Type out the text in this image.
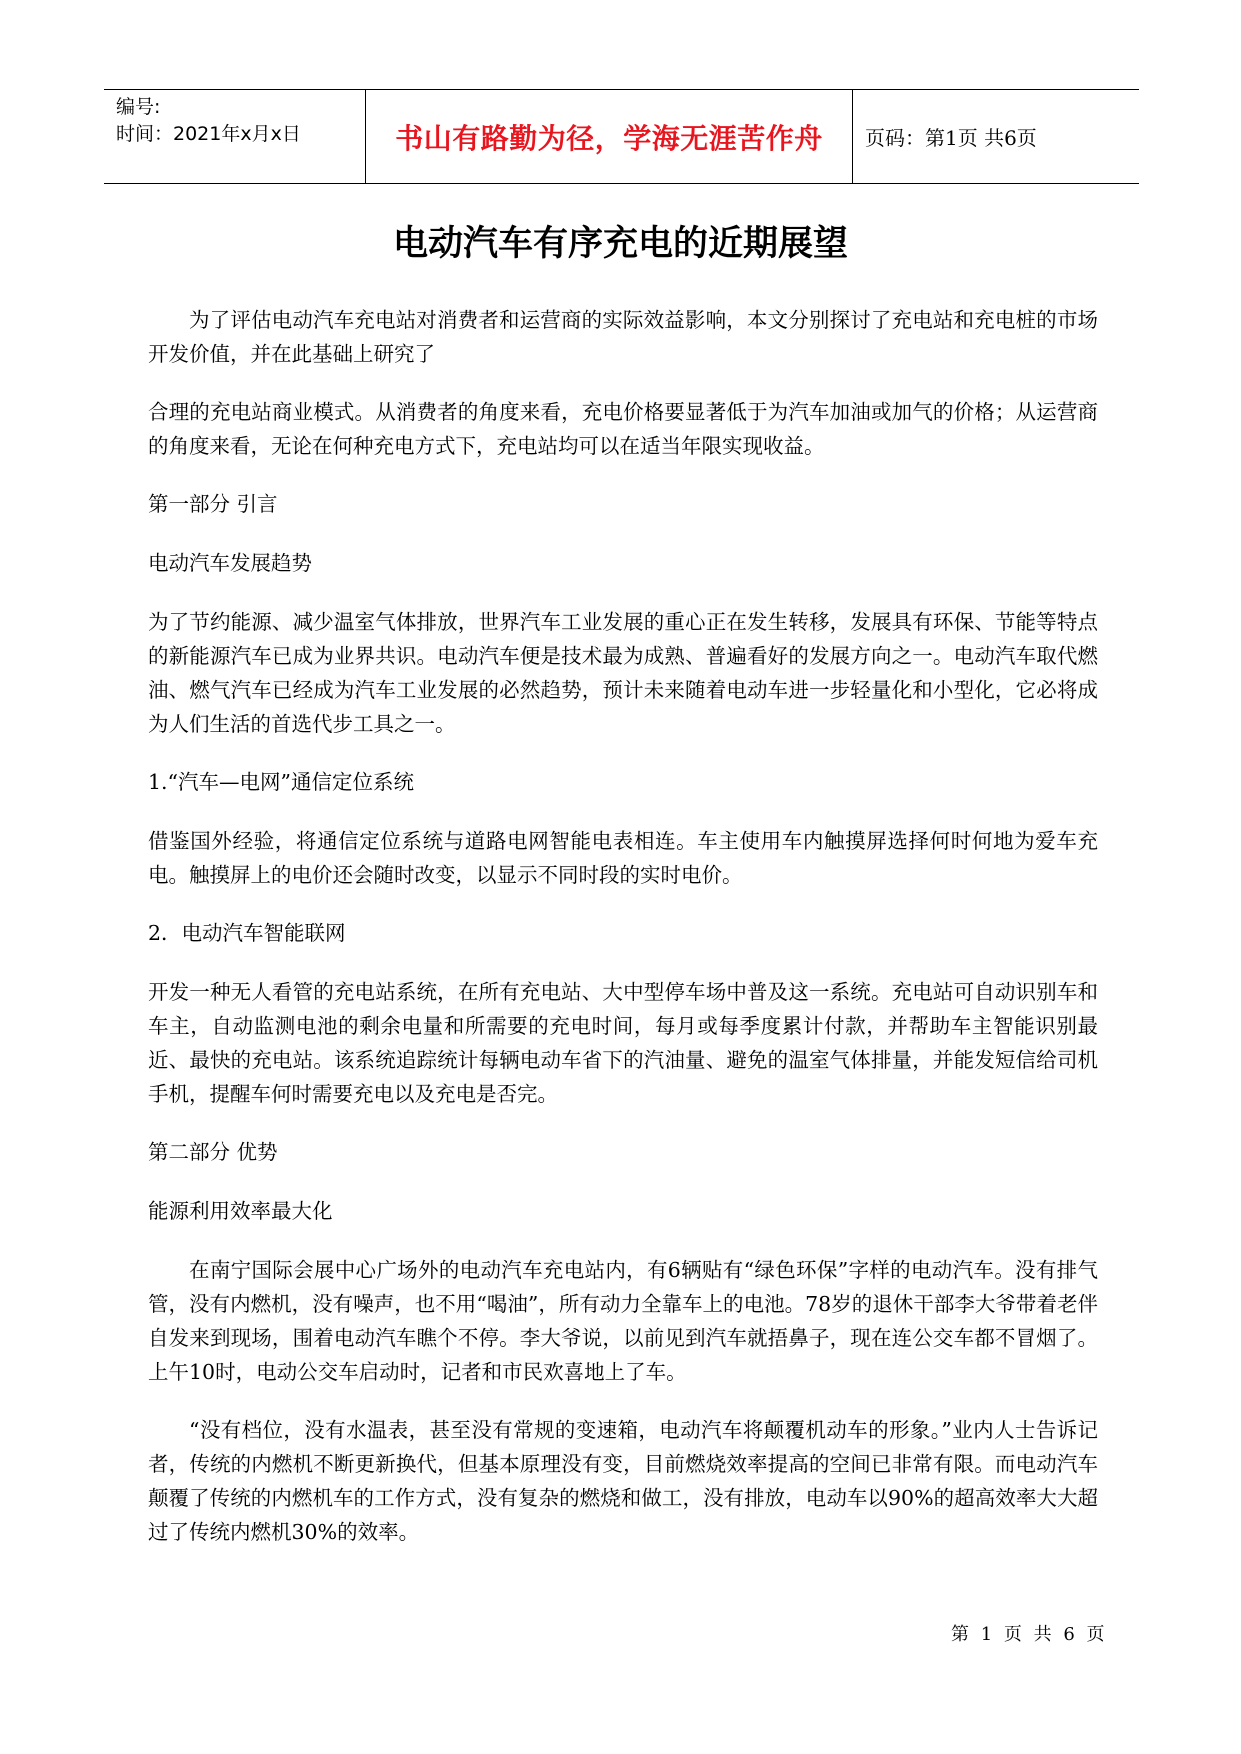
编号:
时间：2021年x月x日	书山有路勤为径，学海无涯苦作舟 页码：第1页 共6页
电动汽车有序充电的近期展望

为了评估电动汽车充电站对消费者和运营商的实际效益影响，本文分别探讨了充电站和充电桩的市场开发价值，并在此基础上研究了

合理的充电站商业模式。从消费者的角度来看，充电价格要显著低于为汽车加油或加气的价格；从运营商的角度来看，无论在何种充电方式下，充电站均可以在适当年限实现收益。

第一部分 引言

电动汽车发展趋势

为了节约能源、减少温室气体排放，世界汽车工业发展的重心正在发生转移，发展具有环保、节能等特点的新能源汽车已成为业界共识。电动汽车便是技术最为成熟、普遍看好的发展方向之一。电动汽车取代燃油、燃气汽车已经成为汽车工业发展的必然趋势，预计未来随着电动车进一步轻量化和小型化，它必将成为人们生活的首选代步工具之一。

1.“汽车—电网”通信定位系统

借鉴国外经验，将通信定位系统与道路电网智能电表相连。车主使用车内触摸屏选择何时何地为爱车充电。触摸屏上的电价还会随时改变，以显示不同时段的实时电价。

2．电动汽车智能联网

开发一种无人看管的充电站系统，在所有充电站、大中型停车场中普及这一系统。充电站可自动识别车和车主，自动监测电池的剩余电量和所需要的充电时间，每月或每季度累计付款，并帮助车主智能识别最近、最快的充电站。该系统追踪统计每辆电动车省下的汽油量、避免的温室气体排量，并能发短信给司机手机，提醒车何时需要充电以及充电是否完。

第二部分 优势

能源利用效率最大化

在南宁国际会展中心广场外的电动汽车充电站内，有6辆贴有“绿色环保”字样的电动汽车。没有排气管，没有内燃机，没有噪声，也不用“喝油”，所有动力全靠车上的电池。78岁的退休干部李大爷带着老伴自发来到现场，围着电动汽车瞧个不停。李大爷说，以前见到汽车就捂鼻子，现在连公交车都不冒烟了。上午10时，电动公交车启动时，记者和市民欢喜地上了车。

“没有档位，没有水温表，甚至没有常规的变速箱，电动汽车将颠覆机动车的形象。”业内人士告诉记者，传统的内燃机不断更新换代，但基本原理没有变，目前燃烧效率提高的空间已非常有限。而电动汽车颠覆了传统的内燃机车的工作方式，没有复杂的燃烧和做工，没有排放，电动车以90%的超高效率大大超过了传统内燃机30%的效率。

第 1 页 共 6 页
